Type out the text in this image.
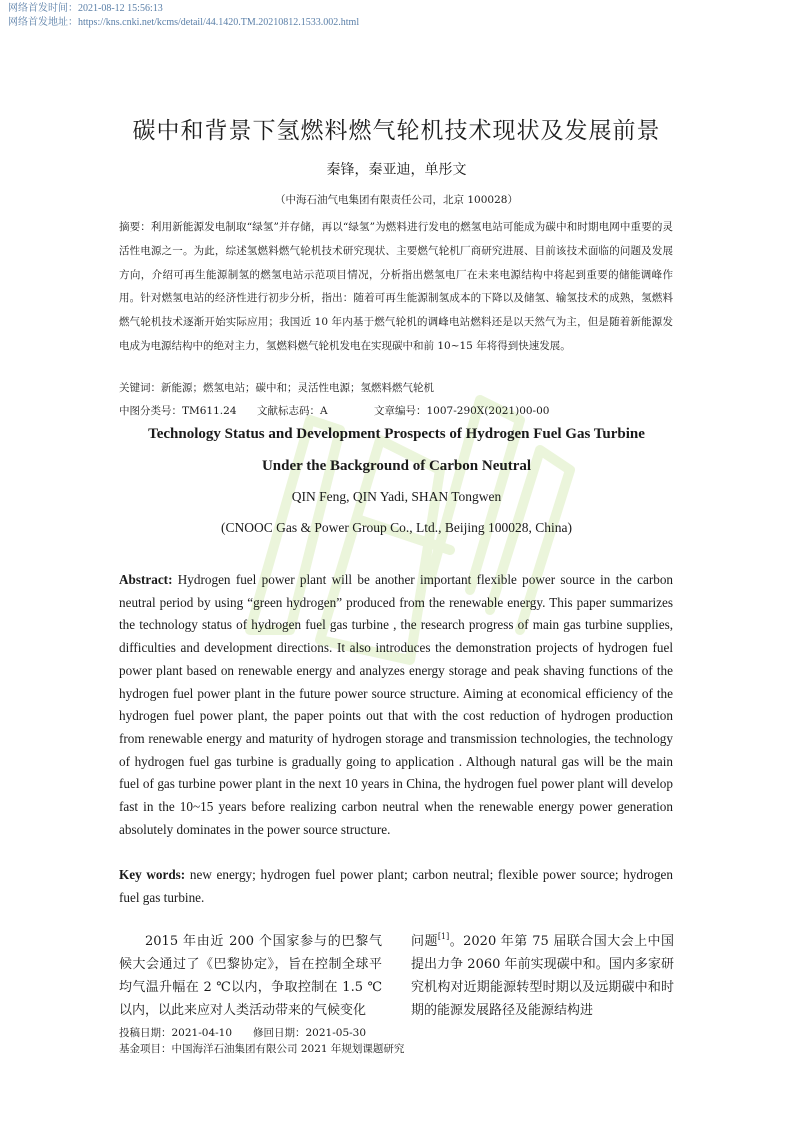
网络首发时间：2021-08-12 15:56:13
网络首发地址：https://kns.cnki.net/kcms/detail/44.1420.TM.20210812.1533.002.html
碳中和背景下氢燃料燃气轮机技术现状及发展前景
秦锋，秦亚迪，单彤文
（中海石油气电集团有限责任公司，北京 100028）
摘要：利用新能源发电制取“绿氢”并存储，再以“绿氢”为燃料进行发电的燃氢电站可能成为碳中和时期电网中重要的灵活性电源之一。为此，综述氢燃料燃气轮机技术研究现状、主要燃气轮机厂商研究进展、目前该技术面临的问题及发展方向，介绍可再生能源制氢的燃氢电站示范项目情况，分析指出燃氢电厂在未来电源结构中将起到重要的储能调峰作用。针对燃氢电站的经济性进行初步分析，指出：随着可再生能源制氢成本的下降以及储氢、输氢技术的成熟，氢燃料燃气轮机技术逐渐开始实际应用；我国近 10 年内基于燃气轮机的调峰电站燃料还是以天然气为主，但是随着新能源发电成为电源结构中的绝对主力，氢燃料燃气轮机发电在实现碳中和前 10~15 年将得到快速发展。
关键词：新能源；燃氢电站；碳中和；灵活性电源；氢燃料燃气轮机
中图分类号：TM611.24 文献标志码：A	文章编号：1007-290X(2021)00-00
Technology Status and Development Prospects of Hydrogen Fuel Gas Turbine
Under the Background of Carbon Neutral
QIN Feng, QIN Yadi, SHAN Tongwen
(CNOOC Gas & Power Group Co., Ltd., Beijing 100028, China)
Abstract: Hydrogen fuel power plant will be another important flexible power source in the carbon neutral period by using “green hydrogen” produced from the renewable energy. This paper summarizes the technology status of hydrogen fuel gas turbine , the research progress of main gas turbine supplies, difficulties and development directions. It also introduces the demonstration projects of hydrogen fuel power plant based on renewable energy and analyzes energy storage and peak shaving functions of the hydrogen fuel power plant in the future power source structure. Aiming at economical efficiency of the hydrogen fuel power plant, the paper points out that with the cost reduction of hydrogen production from renewable energy and maturity of hydrogen storage and transmission technologies, the technology of hydrogen fuel gas turbine is gradually going to application . Although natural gas will be the main fuel of gas turbine power plant in the next 10 years in China, the hydrogen fuel power plant will develop fast in the 10~15 years before realizing carbon neutral when the renewable energy power generation absolutely dominates in the power source structure.
Key words: new energy; hydrogen fuel power plant; carbon neutral; flexible power source; hydrogen fuel gas turbine.
2015 年由近 200 个国家参与的巴黎气候大会通过了《巴黎协定》，旨在控制全球平均气温升幅在 2 ℃以内，争取控制在 1.5 ℃以内，以此来应对人类活动带来的气候变化
问题[1]。2020 年第 75 届联合国大会上中国提出力争 2060 年前实现碳中和。国内多家研究机构对近期能源转型时期以及远期碳中和时期的能源发展路径及能源结构进
投稿日期：2021-04-10 修回日期：2021-05-30
基金项目：中国海洋石油集团有限公司 2021 年规划课题研究
